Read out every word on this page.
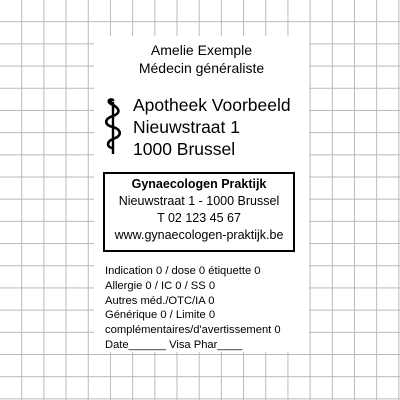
Amelie Exemple
Médecin généraliste
Apotheek Voorbeeld
Nieuwstraat 1
1000 Brussel
Gynaecologen Praktijk
Nieuwstraat 1 - 1000 Brussel
T 02 123 45 67
www.gynaecologen-praktijk.be
Indication 0 / dose 0 étiquette 0
Allergie 0 / IC 0 / SS 0
Autres méd./OTC/IA 0
Générique 0 / Limite 0
complémentaires/d'avertissement 0
Date______ Visa Phar____
